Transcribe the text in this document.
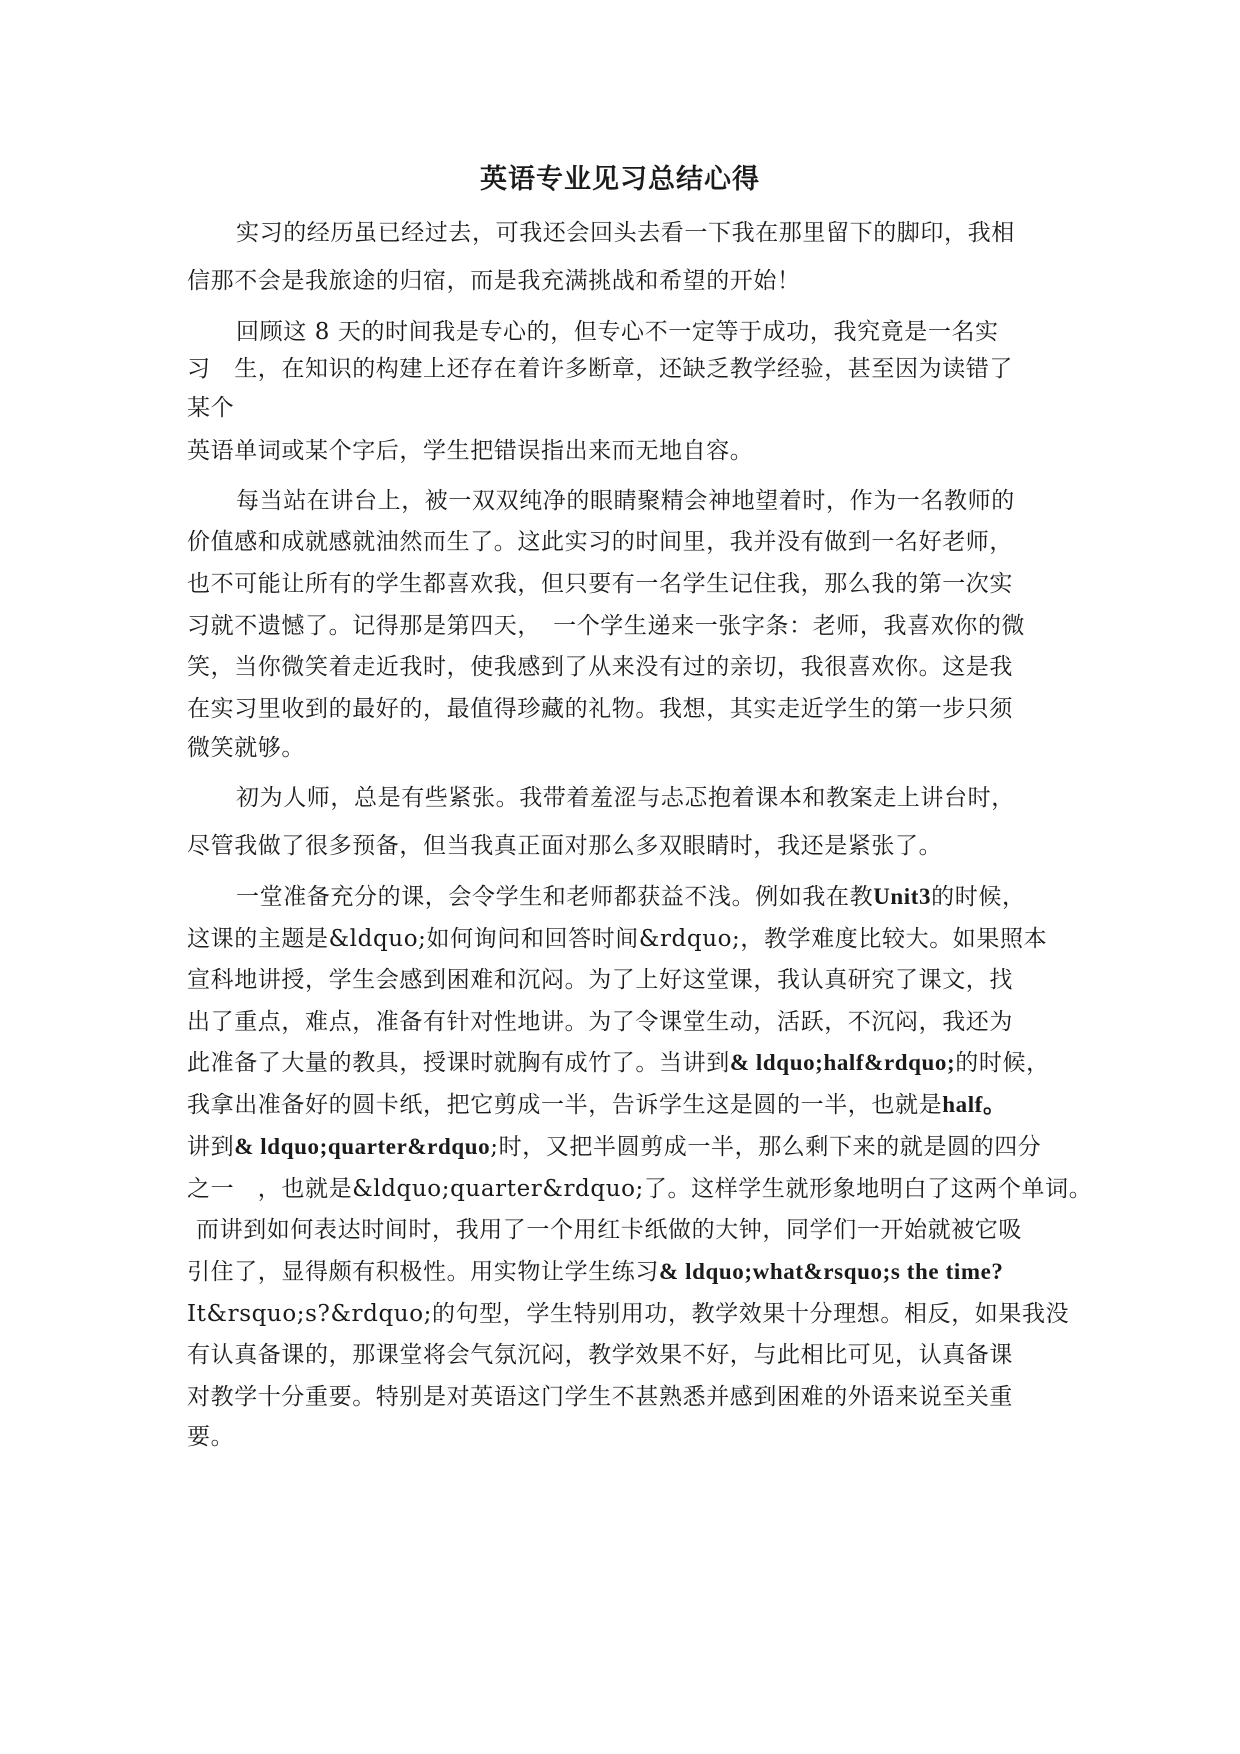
英语专业见习总结心得
实习的经历虽已经过去，可我还会回头去看一下我在那里留下的脚印，我相
信那不会是我旅途的归宿，而是我充满挑战和希望的开始！
回顾这 8 天的时间我是专心的，但专心不一定等于成功，我究竟是一名实
习　生，在知识的构建上还存在着许多断章，还缺乏教学经验，甚至因为读错了
某个
英语单词或某个字后，学生把错误指出来而无地自容。
每当站在讲台上，被一双双纯净的眼睛聚精会神地望着时，作为一名教师的
价值感和成就感就油然而生了。这此实习的时间里，我并没有做到一名好老师，
也不可能让所有的学生都喜欢我，但只要有一名学生记住我，那么我的第一次实
习就不遗憾了。记得那是第四天，　一个学生递来一张字条：老师，我喜欢你的微
笑，当你微笑着走近我时，使我感到了从来没有过的亲切，我很喜欢你。这是我
在实习里收到的最好的，最值得珍藏的礼物。我想，其实走近学生的第一步只须
微笑就够。
初为人师，总是有些紧张。我带着羞涩与忐忑抱着课本和教案走上讲台时，
尽管我做了很多预备，但当我真正面对那么多双眼睛时，我还是紧张了。
一堂准备充分的课，会令学生和老师都获益不浅。例如我在教Unit3的时候，
这课的主题是&ldquo;如何询问和回答时间&rdquo;，教学难度比较大。如果照本
宣科地讲授，学生会感到困难和沉闷。为了上好这堂课，我认真研究了课文，找
出了重点，难点，准备有针对性地讲。为了令课堂生动，活跃，不沉闷，我还为
此准备了大量的教具，授课时就胸有成竹了。当讲到& ldquo;half&rdquo;的时候，
我拿出准备好的圆卡纸，把它剪成一半，告诉学生这是圆的一半，也就是half。
讲到& ldquo;quarter&rdquo;时，又把半圆剪成一半，那么剩下来的就是圆的四分
之一　，也就是&ldquo;quarter&rdquo;了。这样学生就形象地明白了这两个单词。
而讲到如何表达时间时，我用了一个用红卡纸做的大钟，同学们一开始就被它吸
引住了，显得颇有积极性。用实物让学生练习& ldquo;what&rsquo;s the time?
It&rsquo;s?&rdquo;的句型，学生特别用功，教学效果十分理想。相反，如果我没
有认真备课的，那课堂将会气氛沉闷，教学效果不好，与此相比可见，认真备课
对教学十分重要。特别是对英语这门学生不甚熟悉并感到困难的外语来说至关重
要。
